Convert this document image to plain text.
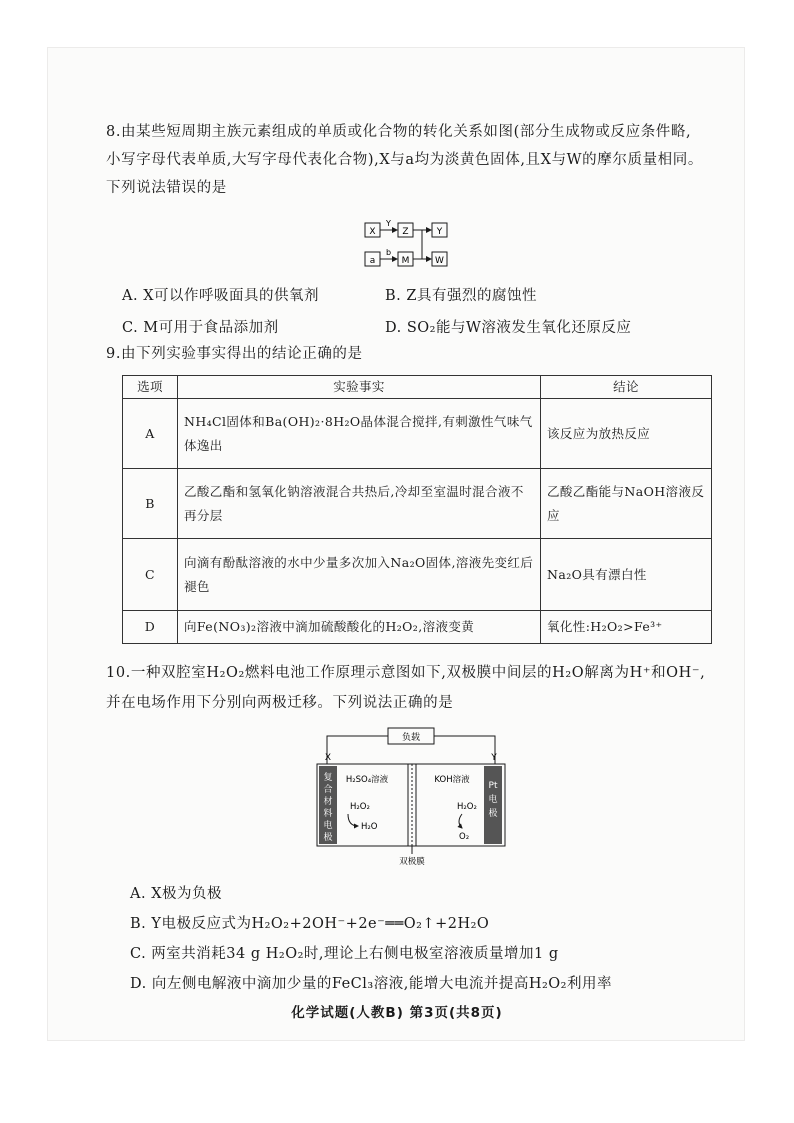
8.由某些短周期主族元素组成的单质或化合物的转化关系如图(部分生成物或反应条件略,小写字母代表单质,大写字母代表化合物),X与a均为淡黄色固体,且X与W的摩尔质量相同。下列说法错误的是
X
Y
Z	Y
a
b
M	W
A. X可以作呼吸面具的供氧剂	B. Z具有强烈的腐蚀性
C. M可用于食品添加剂	D. SO₂能与W溶液发生氧化还原反应
9.由下列实验事实得出的结论正确的是
选项	实验事实	结论
A	NH₄Cl固体和Ba(OH)₂·8H₂O晶体混合搅拌,有刺激性气味气体逸出	该反应为放热反应
B	乙酸乙酯和氢氧化钠溶液混合共热后,冷却至室温时混合液不再分层	乙酸乙酯能与NaOH溶液反应
C	向滴有酚酞溶液的水中少量多次加入Na₂O固体,溶液先变红后褪色	Na₂O具有漂白性
D	向Fe(NO₃)₂溶液中滴加硫酸酸化的H₂O₂,溶液变黄	氧化性:H₂O₂>Fe³⁺
10.一种双腔室H₂O₂燃料电池工作原理示意图如下,双极膜中间层的H₂O解离为H⁺和OH⁻,并在电场作用下分别向两极迁移。下列说法正确的是
X	Y
负载
复
合
材
料
电
极
Pt
电
极
H₂SO₄溶液	KOH溶液
H₂O₂
H₂O
H₂O₂
O₂
双极膜
A. X极为负极
B. Y电极反应式为H₂O₂+2OH⁻+2e⁻══O₂↑+2H₂O
C. 两室共消耗34 g H₂O₂时,理论上右侧电极室溶液质量增加1 g
D. 向左侧电解液中滴加少量的FeCl₃溶液,能增大电流并提高H₂O₂利用率
化学试题(人教B) 第3页(共8页)
